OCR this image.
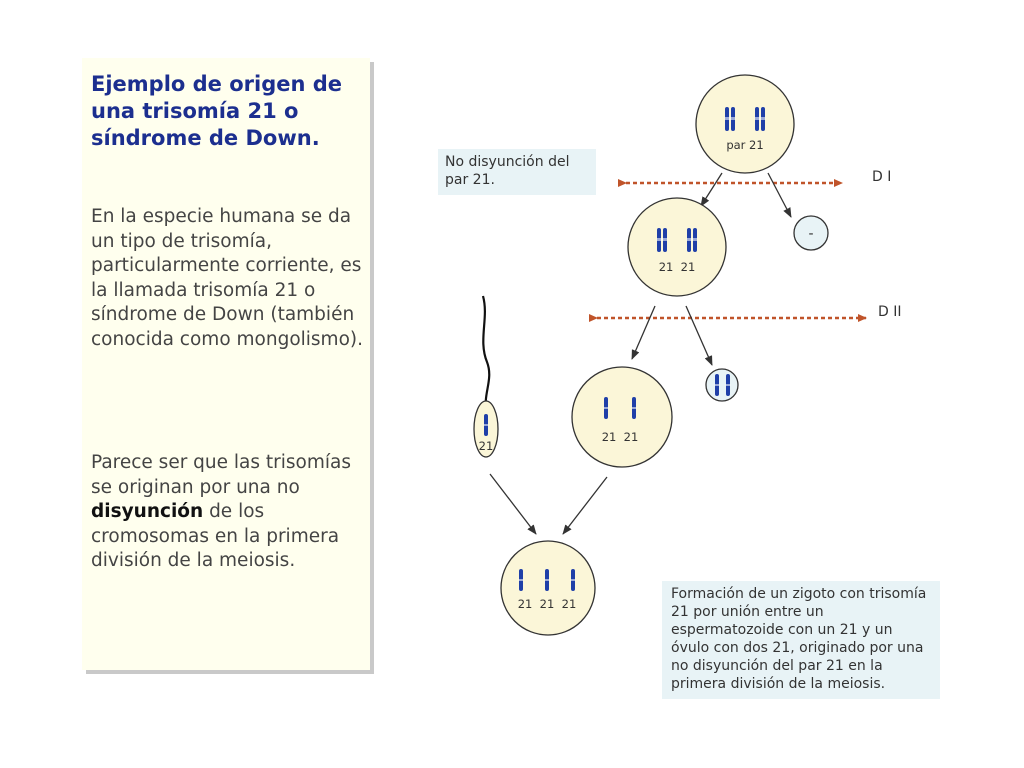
Ejemplo de origen de una trisomía 21 o síndrome de Down.

En la especie humana se da un tipo de trisomía, particularmente corriente, es la llamada trisomía 21 o síndrome de Down (también conocida como mongolismo).

Parece ser que las trisomías se originan por una no disyunción de los cromosomas en la primera división de la meiosis.

No disyunción del par 21.
Formación de un zigoto con trisomía 21 por unión entre un espermatozoide con un 21 y un óvulo con dos 21, originado por una no disyunción del par 21 en la primera división de la meiosis.
D I
D II
par 21
-
21  21
21  21
21
21  21  21
